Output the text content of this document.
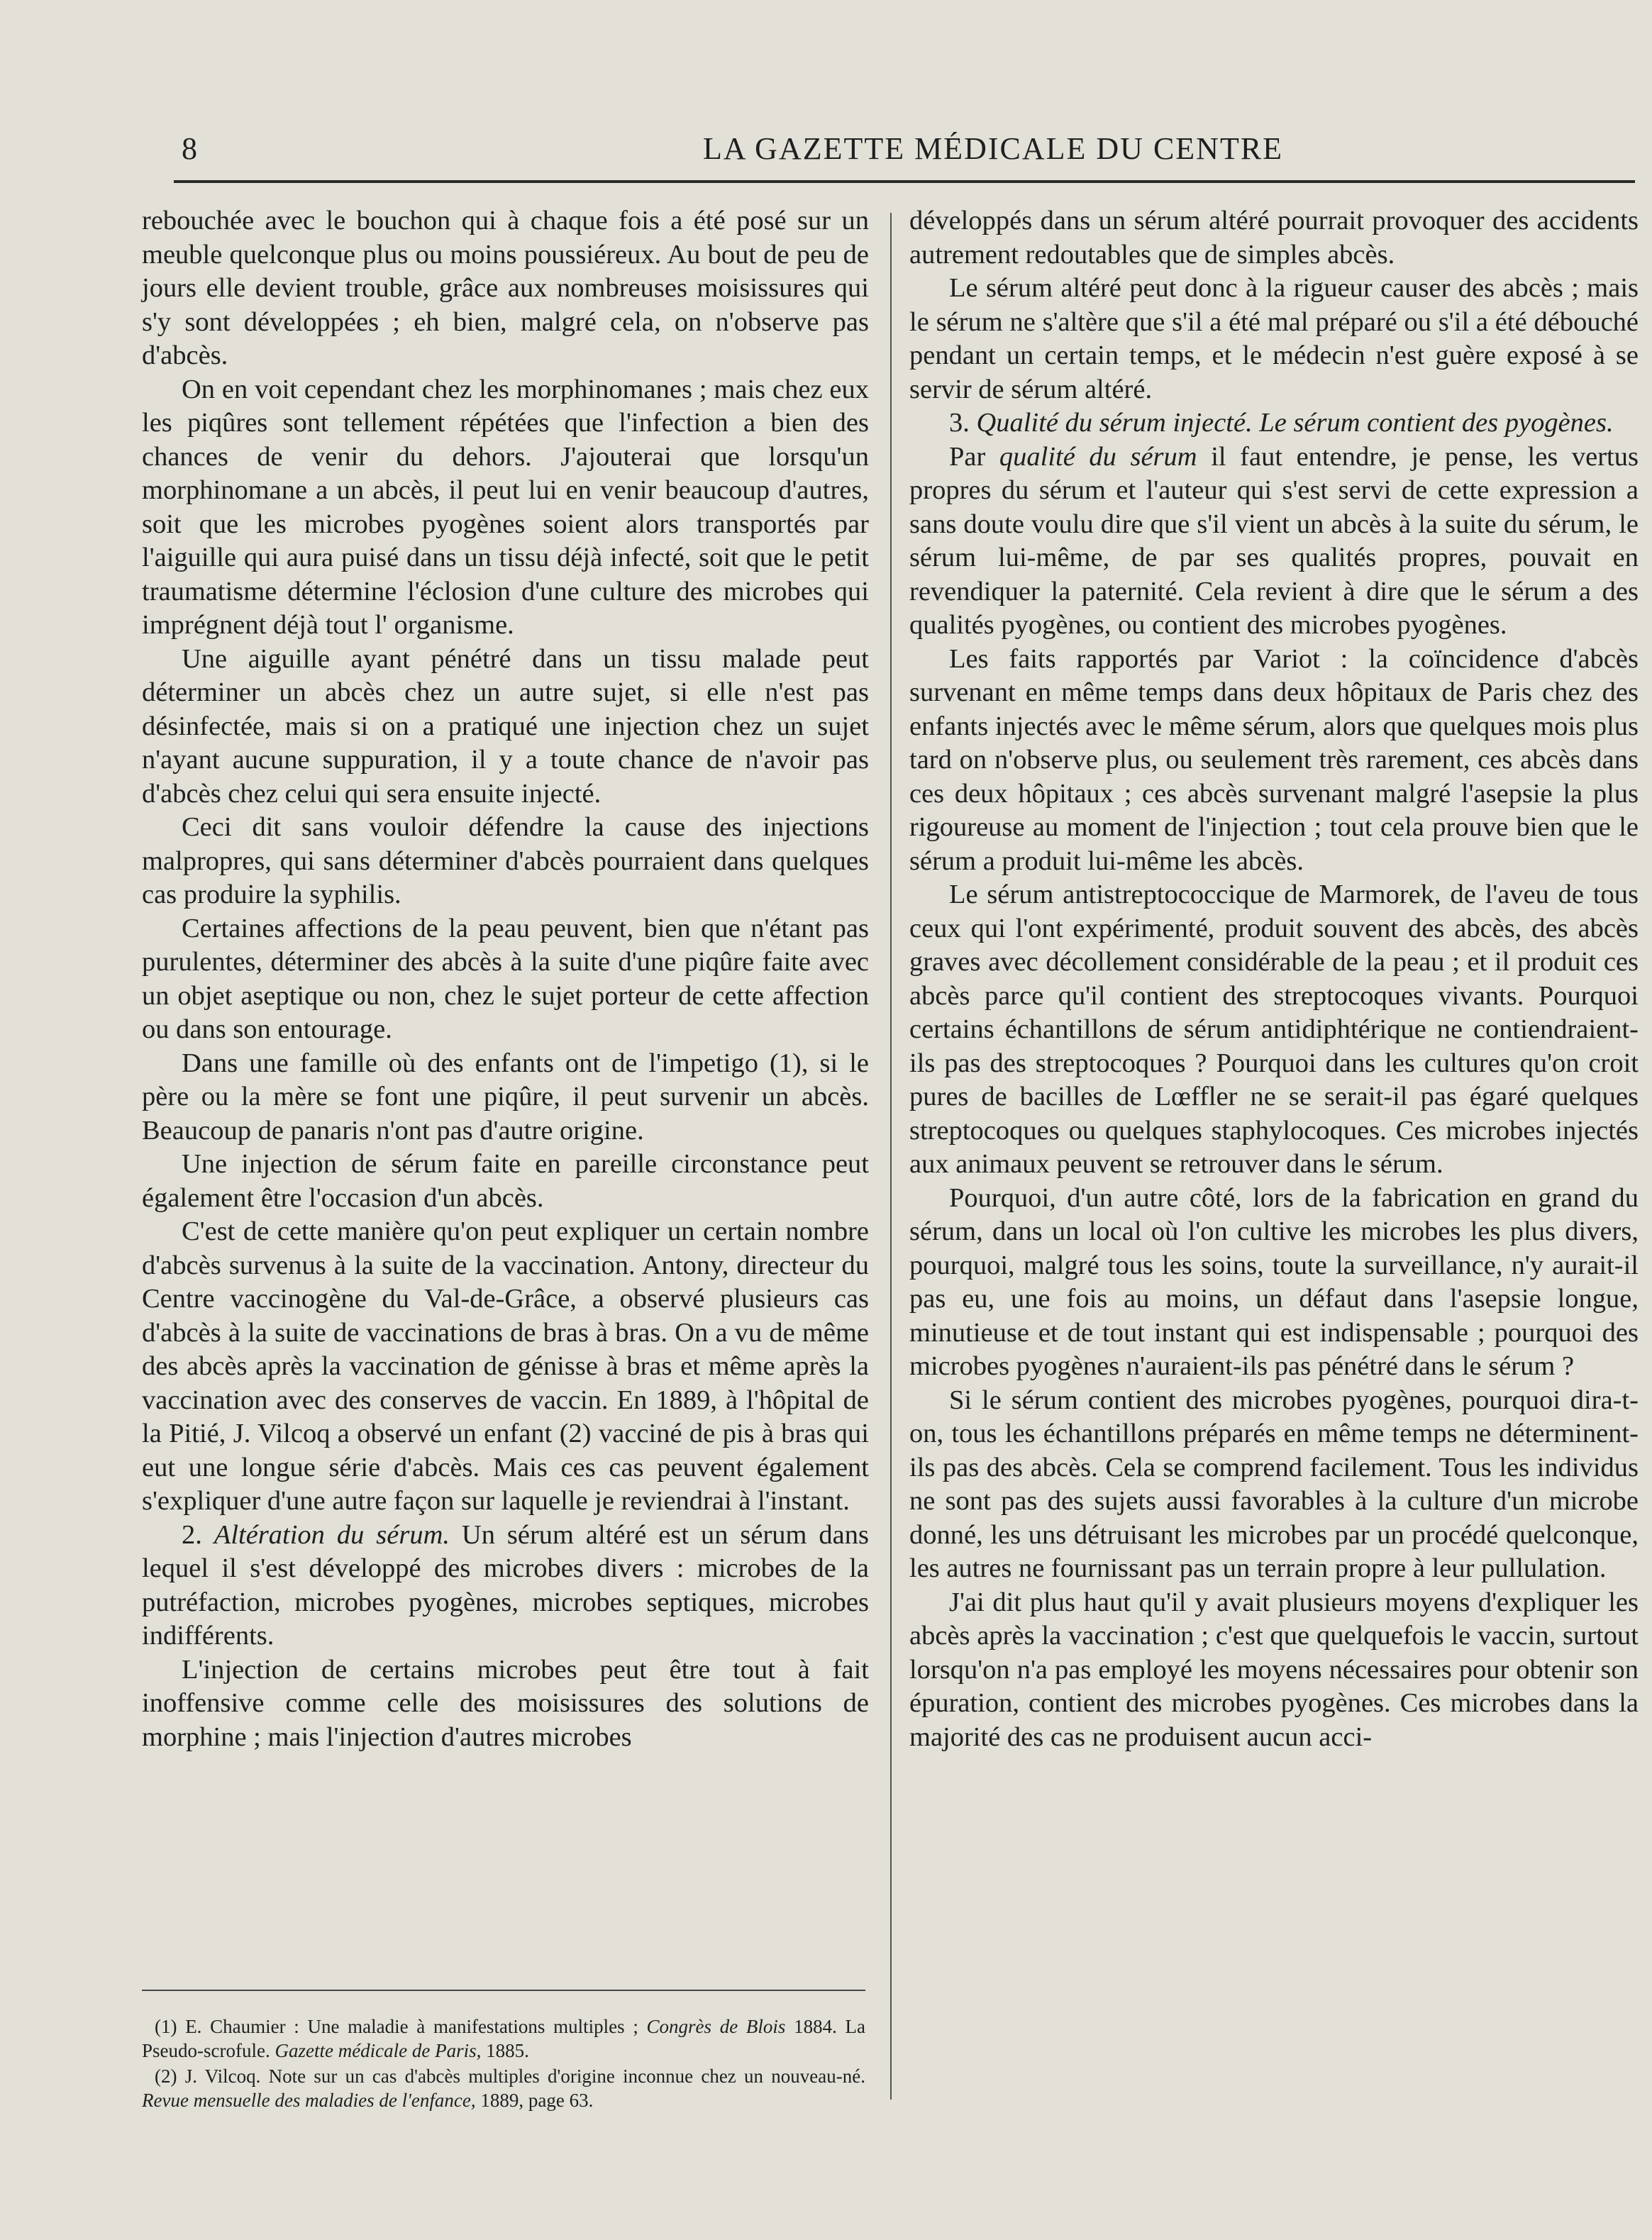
8	LA GAZETTE MÉDICALE DU CENTRE

rebouchée avec le bouchon qui à chaque fois a été posé sur un meuble quelconque plus ou moins poussiéreux. Au bout de peu de jours elle devient trouble, grâce aux nombreuses moisissures qui s'y sont développées ; eh bien, malgré cela, on n'observe pas d'abcès.

On en voit cependant chez les morphinomanes ; mais chez eux les piqûres sont tellement répétées que l'infection a bien des chances de venir du dehors. J'ajouterai que lorsqu'un morphinomane a un abcès, il peut lui en venir beaucoup d'autres, soit que les microbes pyogènes soient alors transportés par l'aiguille qui aura puisé dans un tissu déjà infecté, soit que le petit traumatisme détermine l'éclosion d'une culture des microbes qui imprégnent déjà tout l' organisme.

Une aiguille ayant pénétré dans un tissu malade peut déterminer un abcès chez un autre sujet, si elle n'est pas désinfectée, mais si on a pratiqué une injection chez un sujet n'ayant aucune suppuration, il y a toute chance de n'avoir pas d'abcès chez celui qui sera ensuite injecté.

Ceci dit sans vouloir défendre la cause des injections malpropres, qui sans déterminer d'abcès pourraient dans quelques cas produire la syphilis.

Certaines affections de la peau peuvent, bien que n'étant pas purulentes, déterminer des abcès à la suite d'une piqûre faite avec un objet aseptique ou non, chez le sujet porteur de cette affection ou dans son entourage.

Dans une famille où des enfants ont de l'impetigo (1), si le père ou la mère se font une piqûre, il peut survenir un abcès. Beaucoup de panaris n'ont pas d'autre origine.

Une injection de sérum faite en pareille circonstance peut également être l'occasion d'un abcès.

C'est de cette manière qu'on peut expliquer un certain nombre d'abcès survenus à la suite de la vaccination. Antony, directeur du Centre vaccinogène du Val-de-Grâce, a observé plusieurs cas d'abcès à la suite de vaccinations de bras à bras. On a vu de même des abcès après la vaccination de génisse à bras et même après la vaccination avec des conserves de vaccin. En 1889, à l'hôpital de la Pitié, J. Vilcoq a observé un enfant (2) vacciné de pis à bras qui eut une longue série d'abcès. Mais ces cas peuvent également s'expliquer d'une autre façon sur laquelle je reviendrai à l'instant.

2. Altération du sérum. Un sérum altéré est un sérum dans lequel il s'est développé des microbes divers : microbes de la putréfaction, microbes pyogènes, microbes septiques, microbes indifférents.

L'injection de certains microbes peut être tout à fait inoffensive comme celle des moisissures des solutions de morphine ; mais l'injection d'autres microbes

développés dans un sérum altéré pourrait provoquer des accidents autrement redoutables que de simples abcès.

Le sérum altéré peut donc à la rigueur causer des abcès ; mais le sérum ne s'altère que s'il a été mal préparé ou s'il a été débouché pendant un certain temps, et le médecin n'est guère exposé à se servir de sérum altéré.

3. Qualité du sérum injecté. Le sérum contient des pyogènes.

Par qualité du sérum il faut entendre, je pense, les vertus propres du sérum et l'auteur qui s'est servi de cette expression a sans doute voulu dire que s'il vient un abcès à la suite du sérum, le sérum lui-même, de par ses qualités propres, pouvait en revendiquer la paternité. Cela revient à dire que le sérum a des qualités pyogènes, ou contient des microbes pyogènes.

Les faits rapportés par Variot : la coïncidence d'abcès survenant en même temps dans deux hôpitaux de Paris chez des enfants injectés avec le même sérum, alors que quelques mois plus tard on n'observe plus, ou seulement très rarement, ces abcès dans ces deux hôpitaux ; ces abcès survenant malgré l'asepsie la plus rigoureuse au moment de l'injection ; tout cela prouve bien que le sérum a produit lui-même les abcès.

Le sérum antistreptococcique de Marmorek, de l'aveu de tous ceux qui l'ont expérimenté, produit souvent des abcès, des abcès graves avec décollement considérable de la peau ; et il produit ces abcès parce qu'il contient des streptocoques vivants. Pourquoi certains échantillons de sérum antidiphtérique ne contiendraient-ils pas des streptocoques ? Pourquoi dans les cultures qu'on croit pures de bacilles de Lœffler ne se serait-il pas égaré quelques streptocoques ou quelques staphylocoques. Ces microbes injectés aux animaux peuvent se retrouver dans le sérum.

Pourquoi, d'un autre côté, lors de la fabrication en grand du sérum, dans un local où l'on cultive les microbes les plus divers, pourquoi, malgré tous les soins, toute la surveillance, n'y aurait-il pas eu, une fois au moins, un défaut dans l'asepsie longue, minutieuse et de tout instant qui est indispensable ; pourquoi des microbes pyogènes n'auraient-ils pas pénétré dans le sérum ?

Si le sérum contient des microbes pyogènes, pourquoi dira-t-on, tous les échantillons préparés en même temps ne déterminent-ils pas des abcès. Cela se comprend facilement. Tous les individus ne sont pas des sujets aussi favorables à la culture d'un microbe donné, les uns détruisant les microbes par un procédé quelconque, les autres ne fournissant pas un terrain propre à leur pullulation.

J'ai dit plus haut qu'il y avait plusieurs moyens d'expliquer les abcès après la vaccination ; c'est que quelquefois le vaccin, surtout lorsqu'on n'a pas employé les moyens nécessaires pour obtenir son épuration, contient des microbes pyogènes. Ces microbes dans la majorité des cas ne produisent aucun acci-

(1) E. Chaumier : Une maladie à manifestations multiples ; Congrès de Blois 1884. La Pseudo-scrofule. Gazette médicale de Paris, 1885.

(2) J. Vilcoq. Note sur un cas d'abcès multiples d'origine inconnue chez un nouveau-né. Revue mensuelle des maladies de l'enfance, 1889, page 63.
